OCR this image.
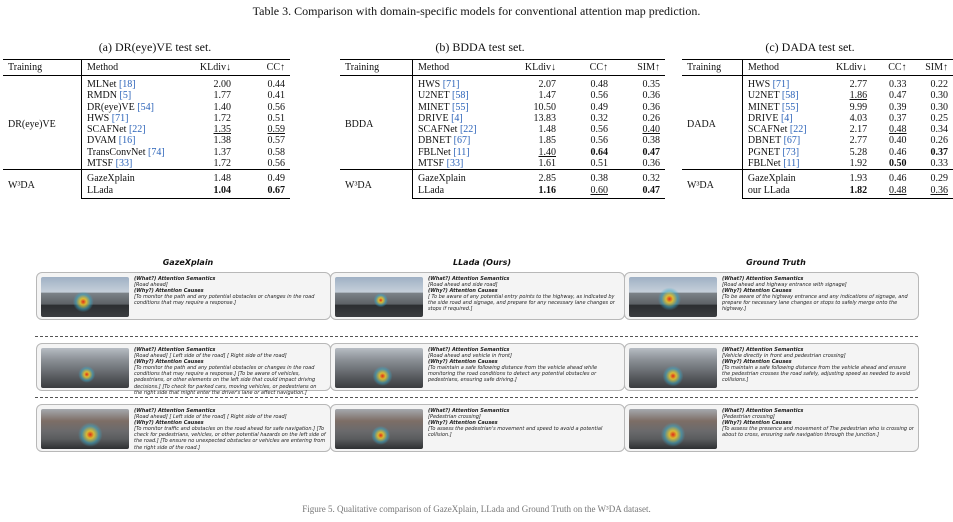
Table 3. Comparison with domain-specific models for conventional attention map prediction.
(a) DR(eye)VE test set.
Training	Method	KLdiv↓	CC↑
DR(eye)VE	MLNet [18]	2.00	0.44
	RMDN [5]	1.77	0.41
	DR(eye)VE [54]	1.40	0.56
	HWS [71]	1.72	0.51
	SCAFNet [22]	1.35	0.59
	DVAM [16]	1.38	0.57
	TransConvNet [74]	1.37	0.58
	MTSF [33]	1.72	0.56
W³DA	GazeXplain	1.48	0.49
	LLada	1.04	0.67
(b) BDDA test set.
Training	Method	KLdiv↓	CC↑	SIM↑
BDDA	HWS [71]	2.07	0.48	0.35
	U2NET [58]	1.47	0.56	0.36
	MINET [55]	10.50	0.49	0.36
	DRIVE [4]	13.83	0.32	0.26
	SCAFNet [22]	1.48	0.56	0.40
	DBNET [67]	1.85	0.56	0.38
	FBLNet [11]	1.40	0.64	0.47
	MTSF [33]	1.61	0.51	0.36
W³DA	GazeXplain	2.85	0.38	0.32
	LLada	1.16	0.60	0.47
(c) DADA test set.
Training	Method	KLdiv↓	CC↑	SIM↑
DADA	HWS [71]	2.77	0.33	0.22
	U2NET [58]	1.86	0.47	0.30
	MINET [55]	9.99	0.39	0.30
	DRIVE [4]	4.03	0.37	0.25
	SCAFNet [22]	2.17	0.48	0.34
	DBNET [67]	2.77	0.40	0.26
	PGNET [73]	5.28	0.46	0.37
	FBLNet [11]	1.92	0.50	0.33
W³DA	GazeXplain	1.93	0.46	0.29
	our LLada	1.82	0.48	0.36
GazeXplain	LLada (Ours)	Ground Truth
(What?) Attention Semantics
[Road ahead]
(Why?) Attention Causes
[To monitor the path and any potential obstacles or changes in the road conditions that may require a response.]
(What?) Attention Semantics
[Road ahead and side road]
(Why?) Attention Causes
[ To be aware of any potential entry points to the highway, as indicated by the side road and signage, and prepare for any necessary lane changes or stops if required.]
(What?) Attention Semantics
[Road ahead and highway entrance with signage]
(Why?) Attention Causes
[To be aware of the highway entrance and any indications of signage, and prepare for necessary lane changes or stops to safely merge onto the highway.]
(What?) Attention Semantics
[Road ahead] [ Left side of the road] [ Right side of the road]
(Why?) Attention Causes
[To monitor the path and any potential obstacles or changes in the road conditions that may require a response.] [To be aware of vehicles, pedestrians, or other elements on the left side that could impact driving decisions.] [To check for parked cars, moving vehicles, or pedestrians on the right side that might enter the driver's lane or affect navigation.]
(What?) Attention Semantics
[Road ahead and vehicle in front]
(Why?) Attention Causes
[To maintain a safe following distance from the vehicle ahead while monitoring the road conditions to detect any potential obstacles or pedestrians, ensuring safe driving.]
(What?) Attention Semantics
[Vehicle directly in front and pedestrian crossing]
(Why?) Attention Causes
[To maintain a safe following distance from the vehicle ahead and ensure the pedestrian crosses the road safely, adjusting speed as needed to avoid collisions.]
(What?) Attention Semantics
[Road ahead] [ Left side of the road] [ Right side of the road]
(Why?) Attention Causes
[To monitor traffic and obstacles on the road ahead for safe navigation.] [To check for pedestrians, vehicles, or other potential hazards on the left side of the road.] [To ensure no unexpected obstacles or vehicles are entering from the right side of the road.]
(What?) Attention Semantics
[Pedestrian crossing]
(Why?) Attention Causes
[To assess the pedestrian's movement and speed to avoid a potential collision.]
(What?) Attention Semantics
[Pedestrian crossing]
(Why?) Attention Causes
[To assess the presence and movement of The pedestrian who is crossing or about to cross, ensuring safe navigation through the junction.]
Figure 5. Qualitative comparison of GazeXplain, LLada and Ground Truth on the W³DA dataset.
